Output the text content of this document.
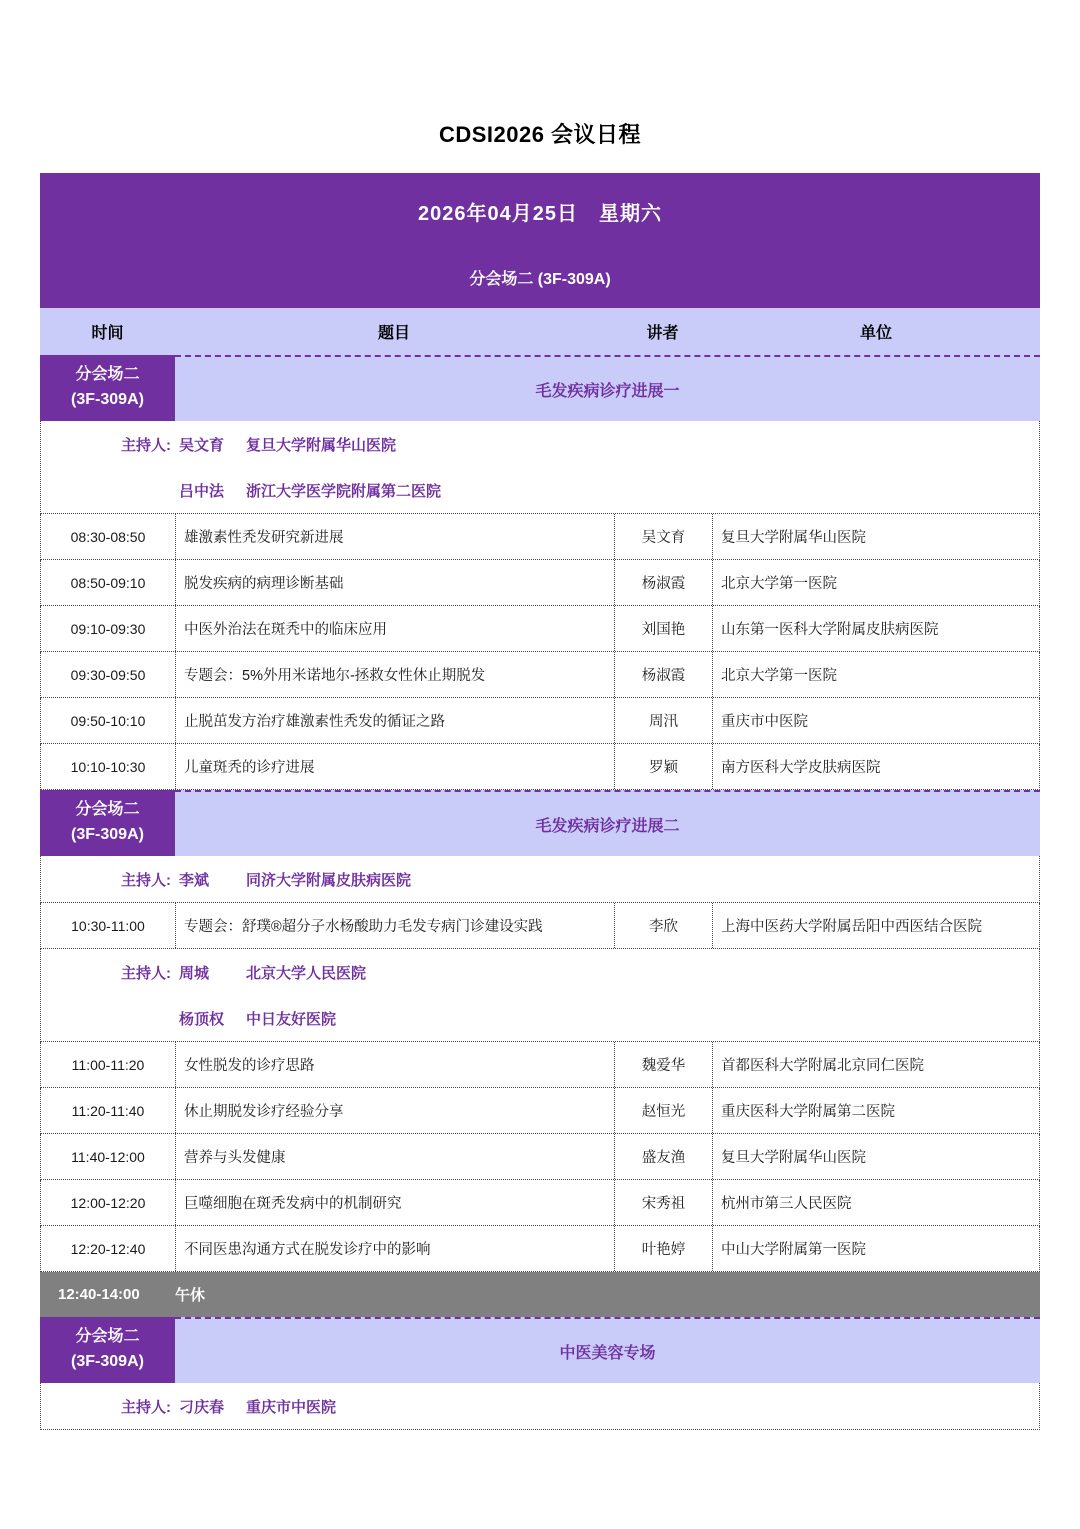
CDSI2026 会议日程
2026年04月25日　星期六
分会场二 (3F-309A)
时间	题目	讲者	单位
分会场二
(3F-309A)	毛发疾病诊疗进展一
主持人: 吴文育	复旦大学附属华山医院
吕中法	浙江大学医学院附属第二医院
08:30-08:50	雄激素性秃发研究新进展	吴文育	复旦大学附属华山医院
08:50-09:10	脱发疾病的病理诊断基础	杨淑霞	北京大学第一医院
09:10-09:30	中医外治法在斑秃中的临床应用	刘国艳	山东第一医科大学附属皮肤病医院
09:30-09:50	专题会：5%外用米诺地尔-拯救女性休止期脱发	杨淑霞	北京大学第一医院
09:50-10:10	止脱茁发方治疗雄激素性秃发的循证之路	周汛	重庆市中医院
10:10-10:30	儿童斑秃的诊疗进展	罗颖	南方医科大学皮肤病医院
分会场二
(3F-309A)	毛发疾病诊疗进展二
主持人: 李斌	同济大学附属皮肤病医院
10:30-11:00	专题会：舒璞®超分子水杨酸助力毛发专病门诊建设实践	李欣	上海中医药大学附属岳阳中西医结合医院
主持人: 周城	北京大学人民医院
杨顶权	中日友好医院
11:00-11:20	女性脱发的诊疗思路	魏爱华	首都医科大学附属北京同仁医院
11:20-11:40	休止期脱发诊疗经验分享	赵恒光	重庆医科大学附属第二医院
11:40-12:00	营养与头发健康	盛友渔	复旦大学附属华山医院
12:00-12:20	巨噬细胞在斑秃发病中的机制研究	宋秀祖	杭州市第三人民医院
12:20-12:40	不同医患沟通方式在脱发诊疗中的影响	叶艳婷	中山大学附属第一医院
12:40-14:00	午休
分会场二
(3F-309A)	中医美容专场
主持人: 刁庆春	重庆市中医院
